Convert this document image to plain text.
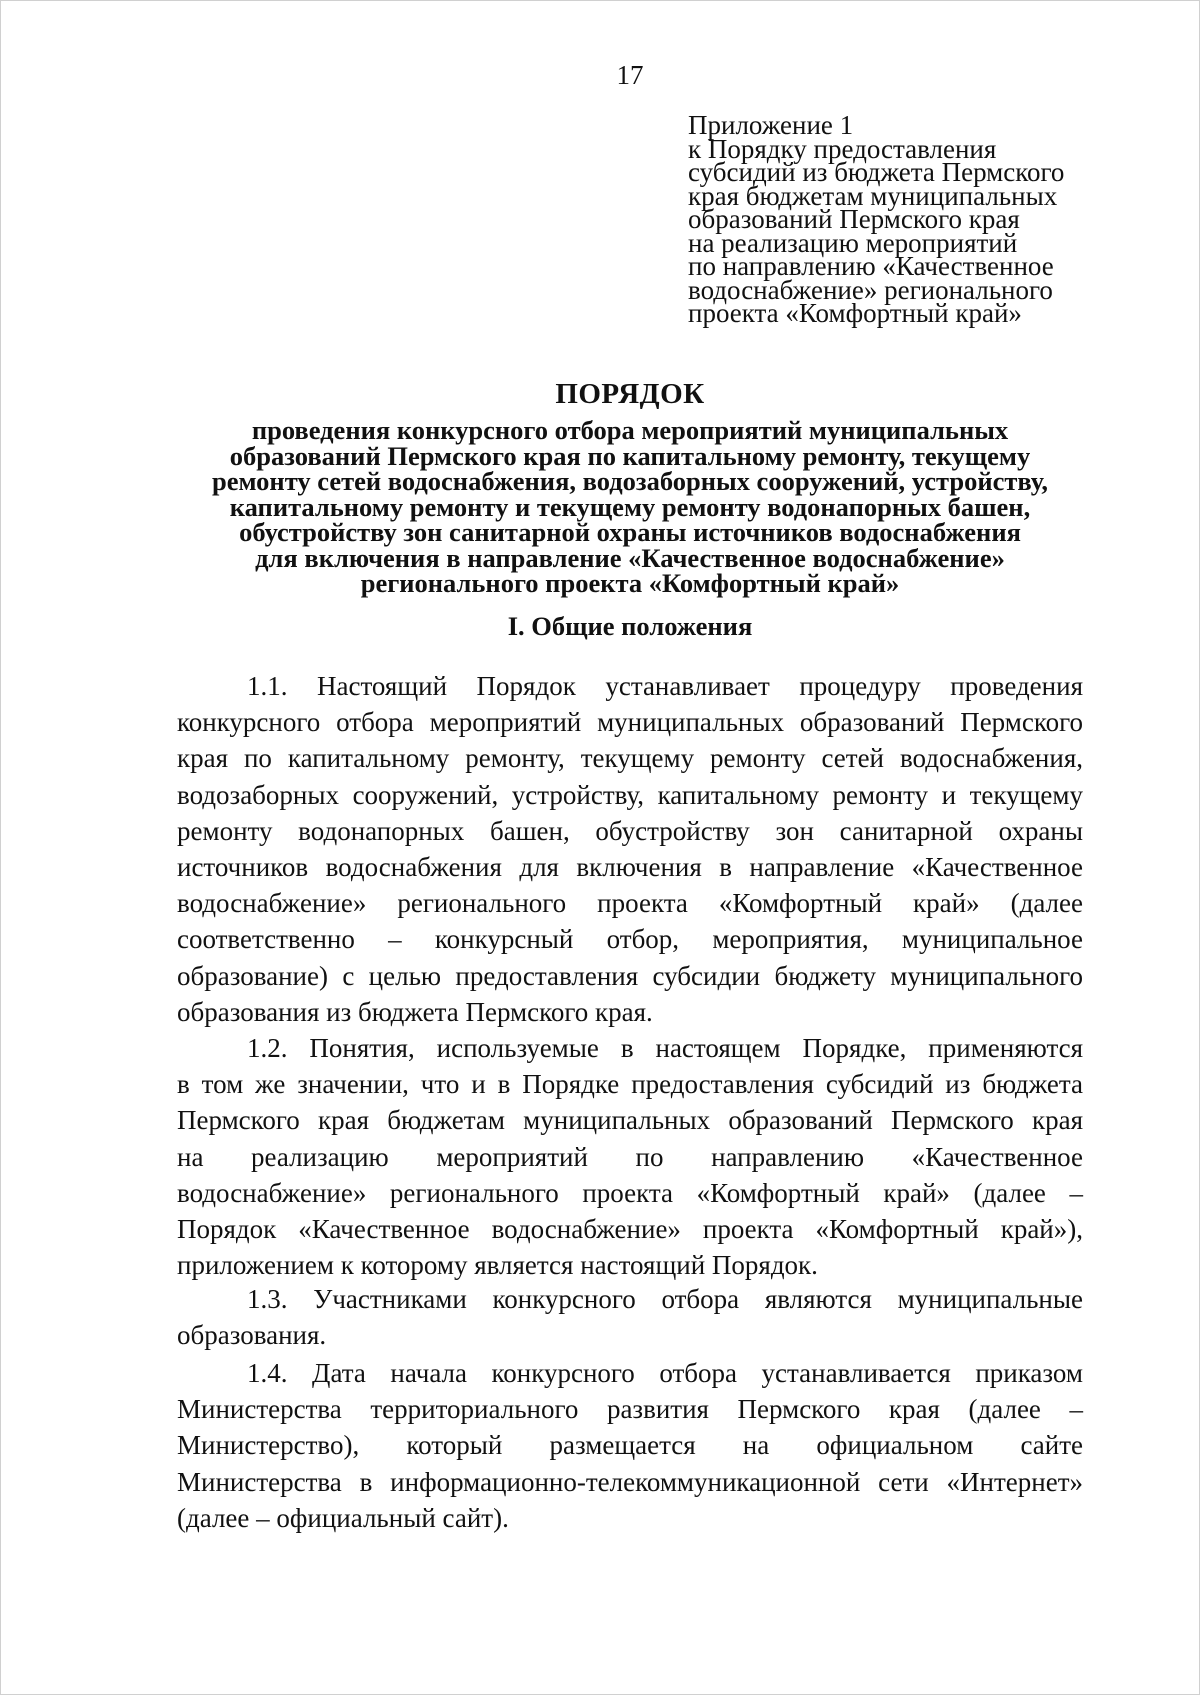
17
Приложение 1
к Порядку предоставления
субсидий из бюджета Пермского
края бюджетам муниципальных
образований Пермского края
на реализацию мероприятий
по направлению «Качественное
водоснабжение» регионального
проекта «Комфортный край»
ПОРЯДОК
проведения конкурсного отбора мероприятий муниципальных
образований Пермского края по капитальному ремонту, текущему
ремонту сетей водоснабжения, водозаборных сооружений, устройству,
капитальному ремонту и текущему ремонту водонапорных башен,
обустройству зон санитарной охраны источников водоснабжения
для включения в направление «Качественное водоснабжение»
регионального проекта «Комфортный край»
I. Общие положения
1.1. Настоящий Порядок устанавливает процедуру проведения
конкурсного отбора мероприятий муниципальных образований Пермского
края по капитальному ремонту, текущему ремонту сетей водоснабжения,
водозаборных сооружений, устройству, капитальному ремонту и текущему
ремонту водонапорных башен, обустройству зон санитарной охраны
источников водоснабжения для включения в направление «Качественное
водоснабжение» регионального проекта «Комфортный край» (далее
соответственно – конкурсный отбор, мероприятия, муниципальное
образование) с целью предоставления субсидии бюджету муниципального
образования из бюджета Пермского края.
1.2. Понятия, используемые в настоящем Порядке, применяются
в том же значении, что и в Порядке предоставления субсидий из бюджета
Пермского края бюджетам муниципальных образований Пермского края
на реализацию мероприятий по направлению «Качественное
водоснабжение» регионального проекта «Комфортный край» (далее –
Порядок «Качественное водоснабжение» проекта «Комфортный край»),
приложением к которому является настоящий Порядок.
1.3. Участниками конкурсного отбора являются муниципальные
образования.
1.4. Дата начала конкурсного отбора устанавливается приказом
Министерства территориального развития Пермского края (далее –
Министерство), который размещается на официальном сайте
Министерства в информационно-телекоммуникационной сети «Интернет»
(далее – официальный сайт).
